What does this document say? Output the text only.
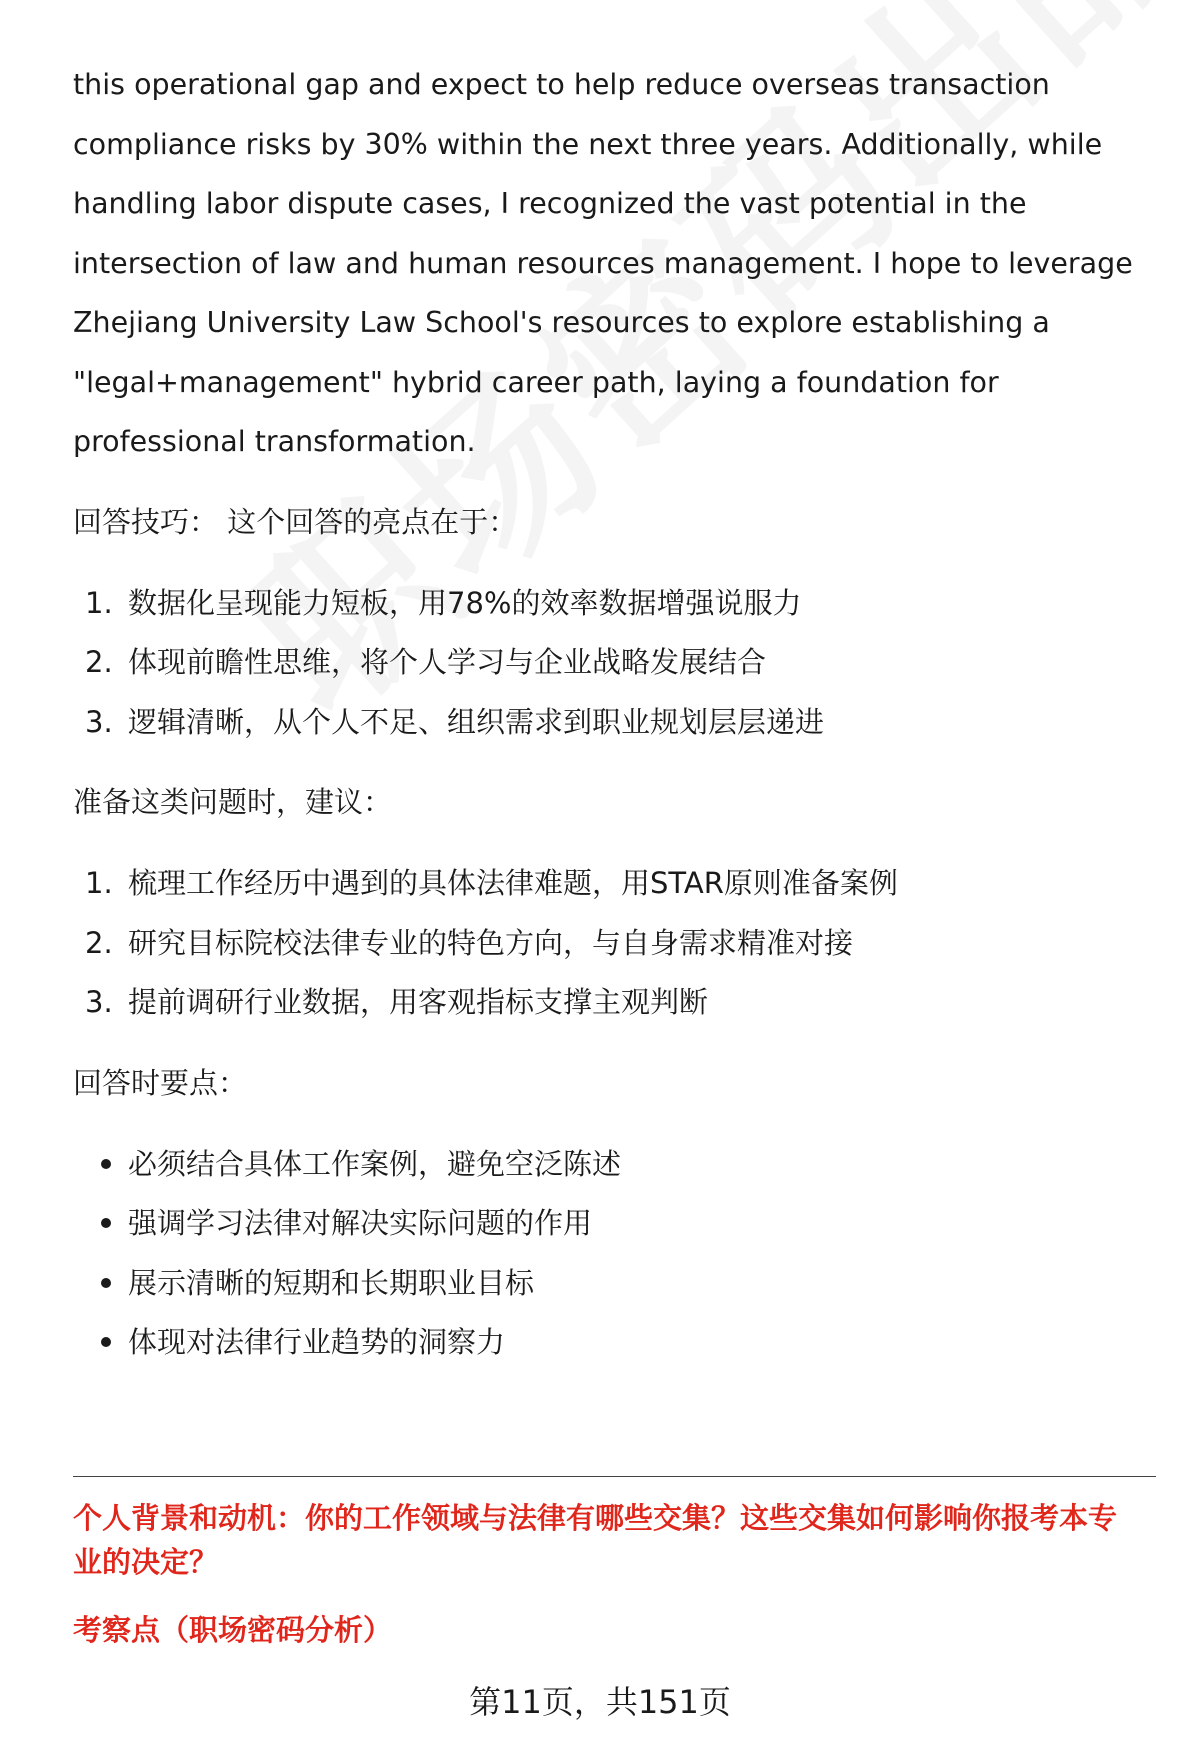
this operational gap and expect to help reduce overseas transaction

compliance risks by 30% within the next three years. Additionally, while

handling labor dispute cases, I recognized the vast potential in the

intersection of law and human resources management. I hope to leverage

Zhejiang University Law School's resources to explore establishing a

"legal+management" hybrid career path, laying a foundation for

professional transformation.

回答技巧： 这个回答的亮点在于：

1. 数据化呈现能力短板，用78%的效率数据增强说服力
2. 体现前瞻性思维，将个人学习与企业战略发展结合
3. 逻辑清晰，从个人不足、组织需求到职业规划层层递进

准备这类问题时，建议：

1. 梳理工作经历中遇到的具体法律难题，用STAR原则准备案例
2. 研究目标院校法律专业的特色方向，与自身需求精准对接
3. 提前调研行业数据，用客观指标支撑主观判断

回答时要点：

必须结合具体工作案例，避免空泛陈述
强调学习法律对解决实际问题的作用
展示清晰的短期和长期职业目标
体现对法律行业趋势的洞察力

个人背景和动机：你的工作领域与法律有哪些交集？这些交集如何影响你报考本专

业的决定？

考察点（职场密码分析）

第11页，共151页
